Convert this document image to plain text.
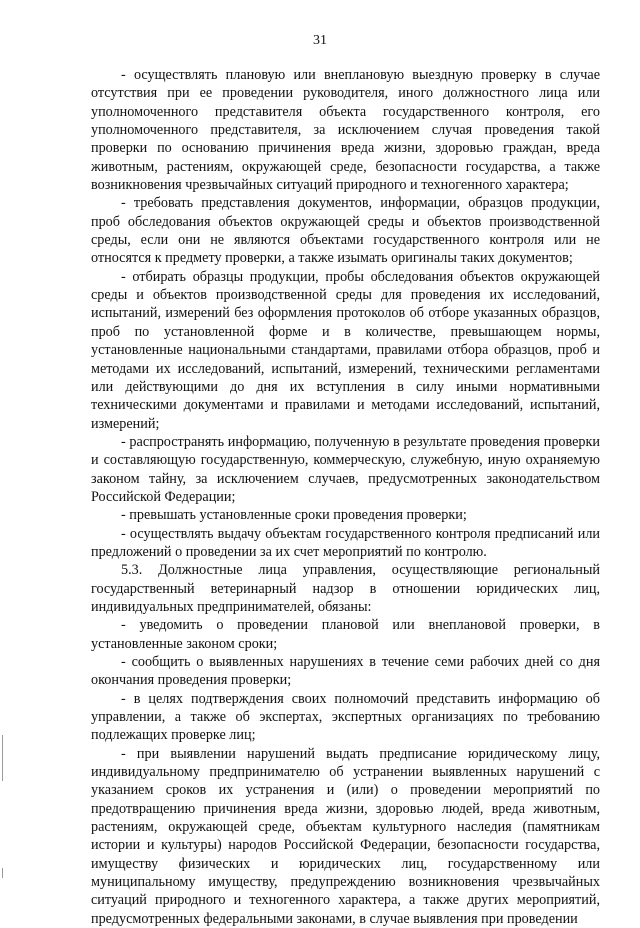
31

- осуществлять плановую или внеплановую выездную проверку в случае отсутствия при ее проведении руководителя, иного должностного лица или уполномоченного представителя объекта государственного контроля, его уполномоченного представителя, за исключением случая проведения такой проверки по основанию причинения вреда жизни, здоровью граждан, вреда животным, растениям, окружающей среде, безопасности государства, а также возникновения чрезвычайных ситуаций природного и техногенного характера;

- требовать представления документов, информации, образцов продукции, проб обследования объектов окружающей среды и объектов производственной среды, если они не являются объектами государственного контроля или не относятся к предмету проверки, а также изымать оригиналы таких документов;

- отбирать образцы продукции, пробы обследования объектов окружающей среды и объектов производственной среды для проведения их исследований, испытаний, измерений без оформления протоколов об отборе указанных образцов, проб по установленной форме и в количестве, превышающем нормы, установленные национальными стандартами, правилами отбора образцов, проб и методами их исследований, испытаний, измерений, техническими регламентами или действующими до дня их вступления в силу иными нормативными техническими документами и правилами и методами исследований, испытаний, измерений;

- распространять информацию, полученную в результате проведения проверки и составляющую государственную, коммерческую, служебную, иную охраняемую законом тайну, за исключением случаев, предусмотренных законодательством Российской Федерации;

- превышать установленные сроки проведения проверки;

- осуществлять выдачу объектам государственного контроля предписаний или предложений о проведении за их счет мероприятий по контролю.

5.3. Должностные лица управления, осуществляющие региональный государственный ветеринарный надзор в отношении юридических лиц, индивидуальных предпринимателей, обязаны:

- уведомить о проведении плановой или внеплановой проверки, в установленные законом сроки;

- сообщить о выявленных нарушениях в течение семи рабочих дней со дня окончания проведения проверки;

- в целях подтверждения своих полномочий представить информацию об управлении, а также об экспертах, экспертных организациях по требованию подлежащих проверке лиц;

- при выявлении нарушений выдать предписание юридическому лицу, индивидуальному предпринимателю об устранении выявленных нарушений с указанием сроков их устранения и (или) о проведении мероприятий по предотвращению причинения вреда жизни, здоровью людей, вреда животным, растениям, окружающей среде, объектам культурного наследия (памятникам истории и культуры) народов Российской Федерации, безопасности государства, имуществу физических и юридических лиц, государственному или муниципальному имуществу, предупреждению возникновения чрезвычайных ситуаций природного и техногенного характера, а также других мероприятий, предусмотренных федеральными законами, в случае выявления при проведении
